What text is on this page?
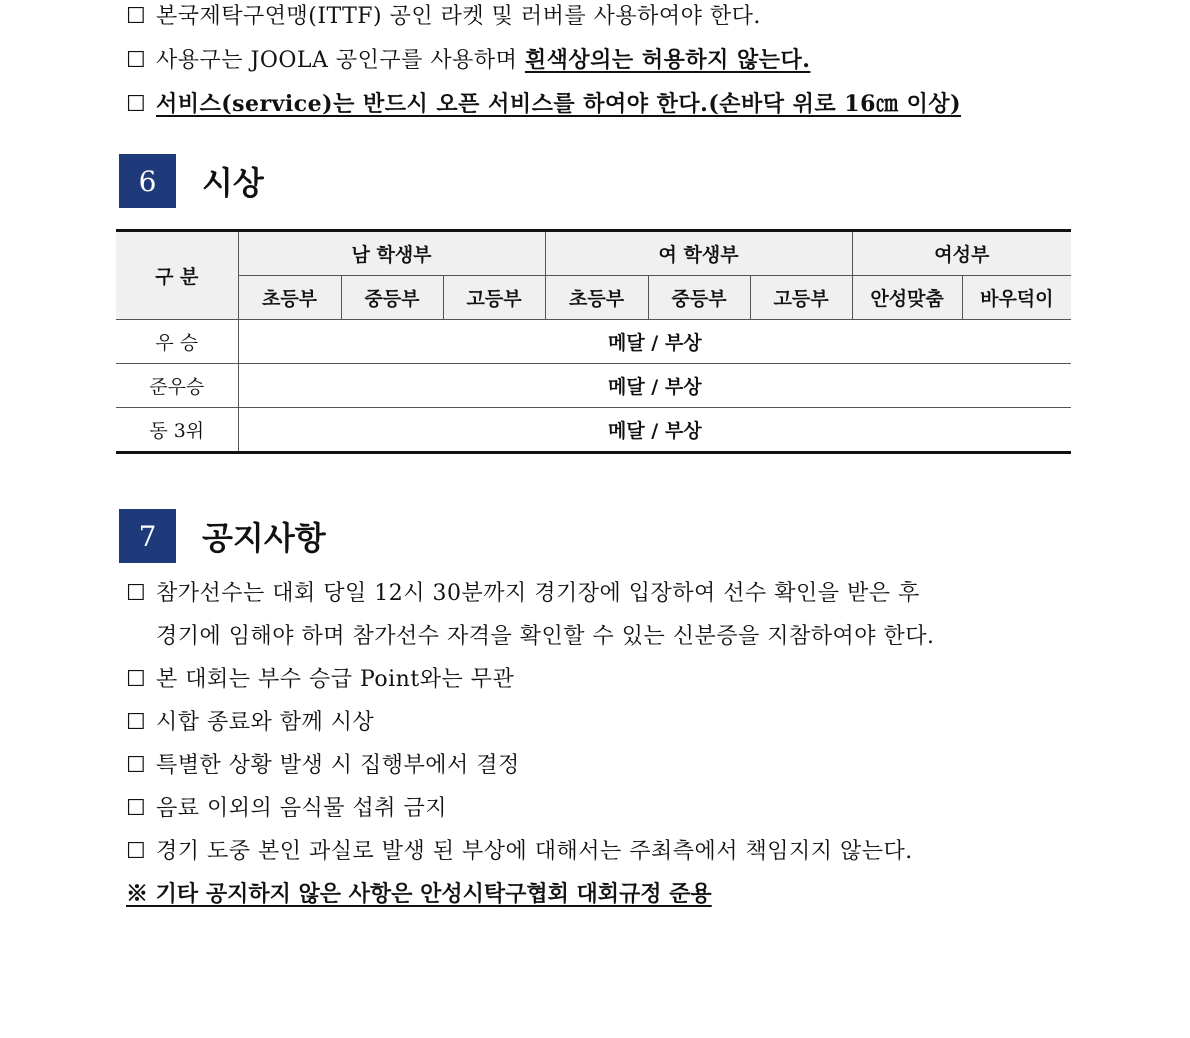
☐ 본국제탁구연맹(ITTF) 공인 라켓 및 러버를 사용하여야 한다.
☐ 사용구는 JOOLA 공인구를 사용하며 흰색상의는 허용하지 않는다.
☐ 서비스(service)는 반드시 오픈 서비스를 하여야 한다.(손바닥 위로 16㎝ 이상)
6	시상
구 분	남 학생부			여 학생부			여성부	
	초등부	중등부	고등부	초등부	중등부	고등부	안성맞춤	바우덕이
우 승	메달 / 부상							
준우승	메달 / 부상							
동 3위	메달 / 부상							
7	공지사항
☐ 참가선수는 대회 당일 12시 30분까지 경기장에 입장하여 선수 확인을 받은 후
경기에 임해야 하며 참가선수 자격을 확인할 수 있는 신분증을 지참하여야 한다.
☐ 본 대회는 부수 승급 Point와는 무관
☐ 시합 종료와 함께 시상
☐ 특별한 상황 발생 시 집행부에서 결정
☐ 음료 이외의 음식물 섭취 금지
☐ 경기 도중 본인 과실로 발생 된 부상에 대해서는 주최측에서 책임지지 않는다.
※ 기타 공지하지 않은 사항은 안성시탁구협회 대회규정 준용
